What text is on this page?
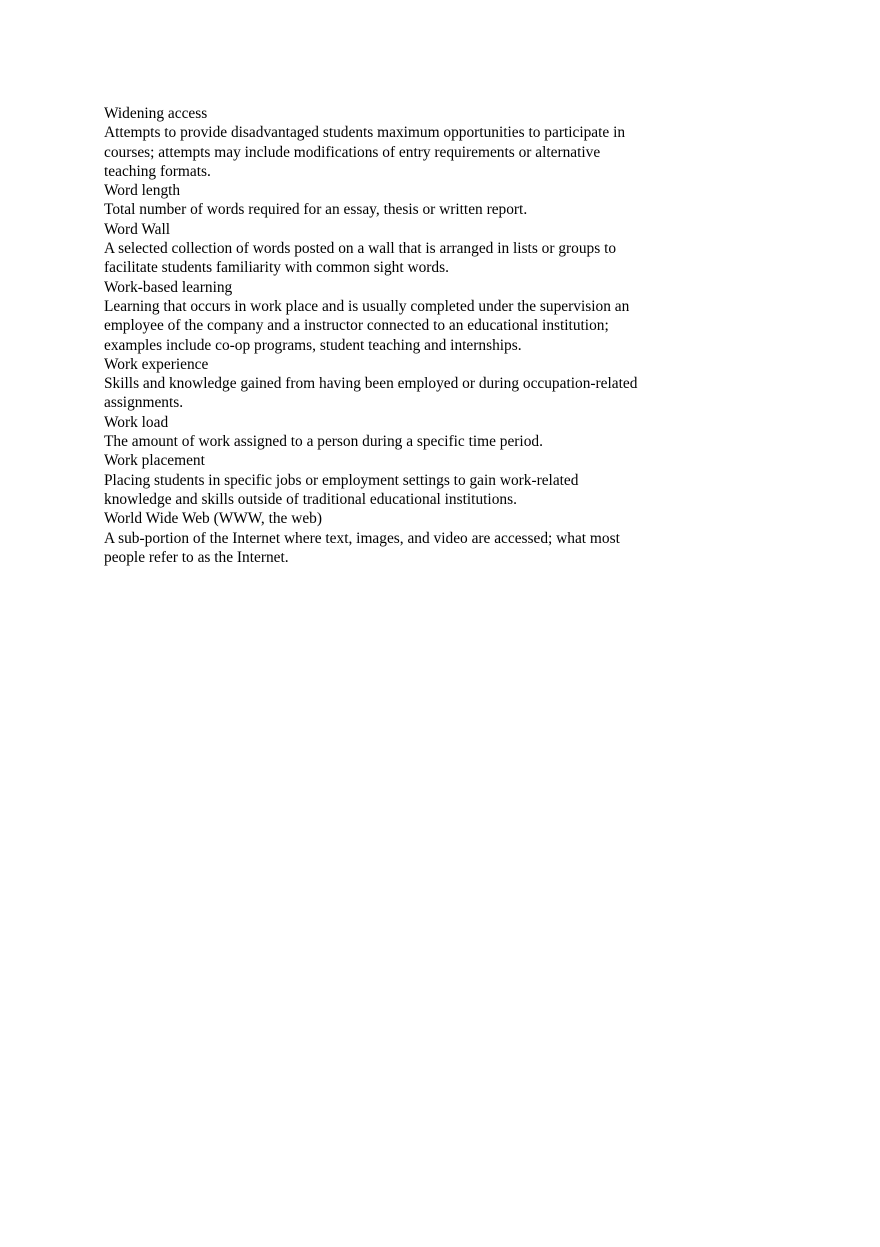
Widening access
Attempts to provide disadvantaged students maximum opportunities to participate in
courses; attempts may include modifications of entry requirements or alternative
teaching formats.
Word length
Total number of words required for an essay, thesis or written report.
Word Wall
A selected collection of words posted on a wall that is arranged in lists or groups to
facilitate students familiarity with common sight words.
Work-based learning
Learning that occurs in work place and is usually completed under the supervision an
employee of the company and a instructor connected to an educational institution;
examples include co-op programs, student teaching and internships.
Work experience
Skills and knowledge gained from having been employed or during occupation-related
assignments.
Work load
The amount of work assigned to a person during a specific time period.
Work placement
Placing students in specific jobs or employment settings to gain work-related
knowledge and skills outside of traditional educational institutions.
World Wide Web (WWW, the web)
A sub-portion of the Internet where text, images, and video are accessed; what most
people refer to as the Internet.
